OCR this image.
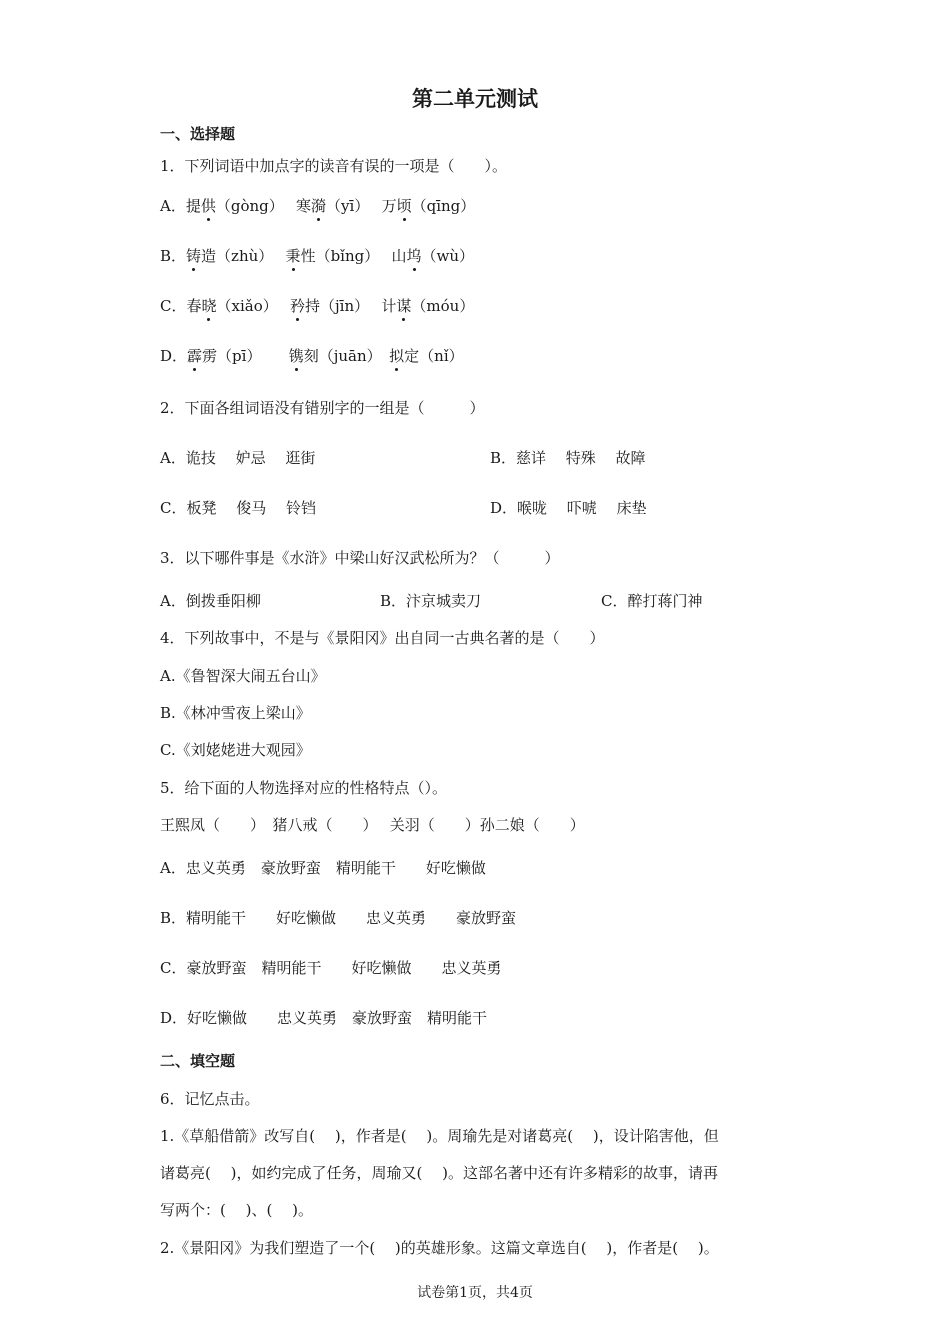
第二单元测试
一、选择题
1．下列词语中加点字的读音有误的一项是（　　）。
A．提供（gòng）　 寒漪（yī）　 万顷（qīng）
B．铸造（zhù）　 秉性（bǐng）　 山坞（wù）
C．春晓（xiǎo）　 矜持（jīn）　 计谋（móu）
D．霹雳（pī）　　 镌刻（juān）　拟定（nǐ）
2．下面各组词语没有错别字的一组是（　　　）
A．诡技　 妒忌　 逛街	B．慈详　 特殊　 故障
C．板凳　 俊马　 铃铛	D．喉咙　 吓唬　 床垫
3．以下哪件事是《水浒》中梁山好汉武松所为？（　　　）
A．倒拨垂阳柳	B．汴京城卖刀	C．醉打蒋门神
4．下列故事中，不是与《景阳冈》出自同一古典名著的是（　　）
A.《鲁智深大闹五台山》
B.《林冲雪夜上梁山》
C.《刘姥姥进大观园》
5．给下面的人物选择对应的性格特点（）。
王熙凤（　　）　猪八戒（　　）　 关羽（　　）孙二娘（　　）
A．忠义英勇　豪放野蛮　精明能干　　好吃懒做
B．精明能干　　好吃懒做　　忠义英勇　　豪放野蛮
C．豪放野蛮　精明能干　　好吃懒做　　忠义英勇
D．好吃懒做　　忠义英勇　豪放野蛮　精明能干
二、填空题
6．记忆点击。
1.《草船借箭》改写自(　 )，作者是(　 )。周瑜先是对诸葛亮(　 )，设计陷害他，但
诸葛亮(　 )，如约完成了任务，周瑜又(　 )。这部名著中还有许多精彩的故事，请再
写两个：(　 )、(　 )。
2.《景阳冈》为我们塑造了一个(　 )的英雄形象。这篇文章选自(　 )，作者是(　 )。
试卷第1页，共4页
